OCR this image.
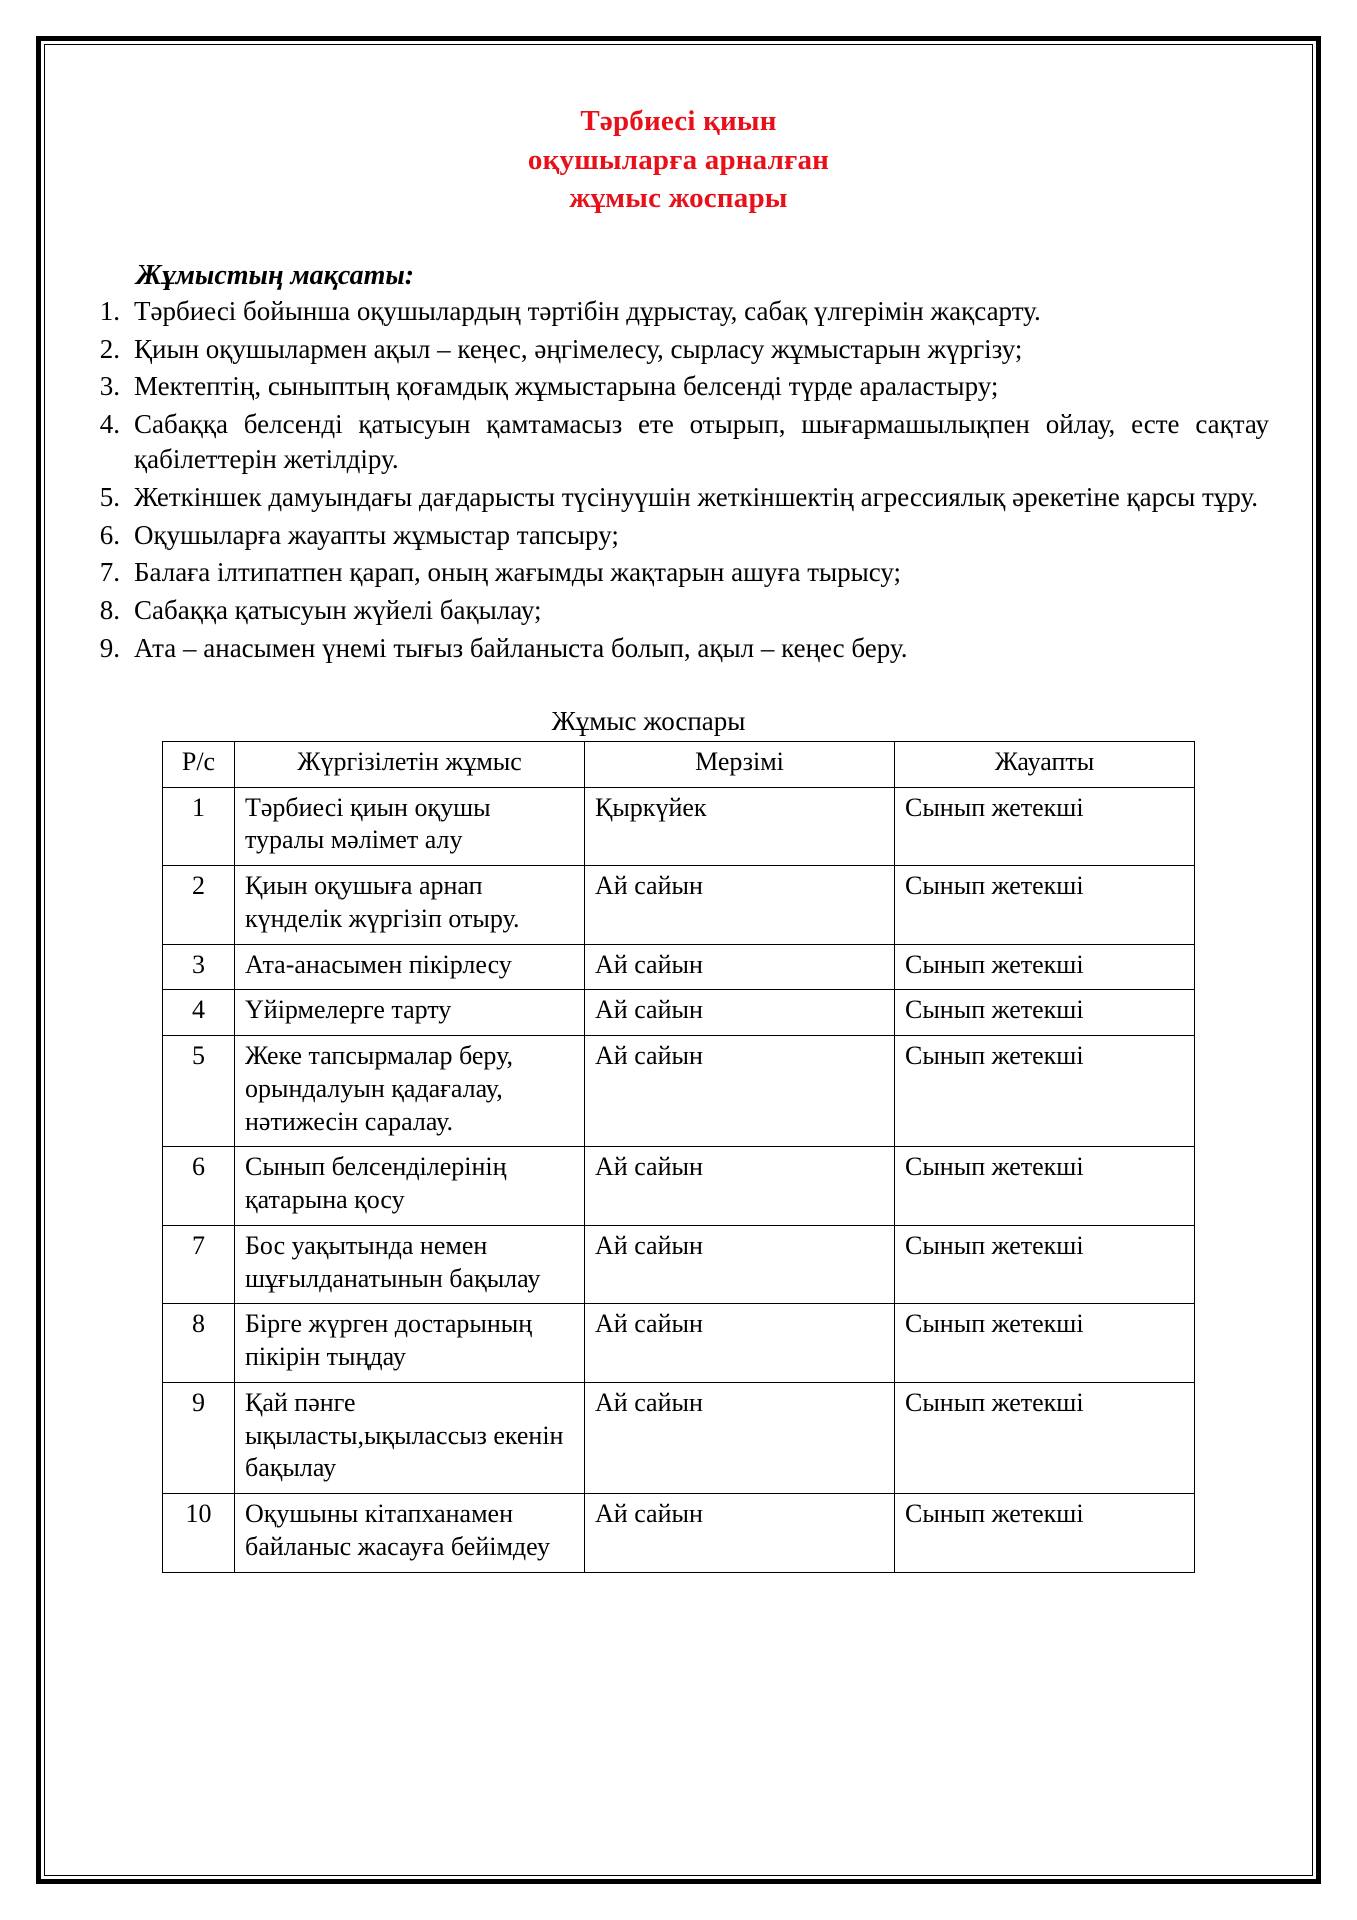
Тәрбиесі қиын
оқушыларға арналған
жұмыс жоспары
Жұмыстың мақсаты:
1. Тәрбиесі бойынша оқушылардың тәртібін дұрыстау, сабақ үлгерімін жақсарту.
2. Қиын оқушылармен ақыл – кеңес, әңгімелесу, сырласу жұмыстарын жүргізу;
3. Мектептің, сыныптың қоғамдық жұмыстарына белсенді түрде араластыру;
4. Сабаққа белсенді қатысуын қамтамасыз ете отырып, шығармашылықпен ойлау, есте сақтау қабілеттерін жетілдіру.
5. Жеткіншек дамуындағы дағдарысты түсінуүшін жеткіншектің агрессиялық әрекетіне қарсы тұру.
6. Оқушыларға жауапты жұмыстар тапсыру;
7. Балаға ілтипатпен қарап, оның жағымды жақтарын ашуға тырысу;
8. Сабаққа қатысуын жүйелі бақылау;
9. Ата – анасымен үнемі тығыз байланыста болып, ақыл – кеңес беру.
Жұмыс жоспары
Р/с	Жүргізілетін жұмыс	Мерзімі	Жауапты
1	Тәрбиесі қиын оқушы туралы мәлімет алу	Қыркүйек	Сынып жетекші
2	Қиын оқушыға арнап күнделік жүргізіп отыру.	Ай сайын	Сынып жетекші
3	Ата-анасымен пікірлесу	Ай сайын	Сынып жетекші
4	Үйірмелерге тарту	Ай сайын	Сынып жетекші
5	Жеке тапсырмалар беру, орындалуын қадағалау, нәтижесін саралау.	Ай сайын	Сынып жетекші
6	Сынып белсенділерінің қатарына қосу	Ай сайын	Сынып жетекші
7	Бос уақытында немен шұғылданатынын бақылау	Ай сайын	Сынып жетекші
8	Бірге жүрген достарының пікірін тыңдау	Ай сайын	Сынып жетекші
9	Қай пәнге ықыласты,ықыласcыз екенін бақылау	Ай сайын	Сынып жетекші
10	Оқушыны кітапханамен байланыс жасауға бейімдеу	Ай сайын	Сынып жетекші
